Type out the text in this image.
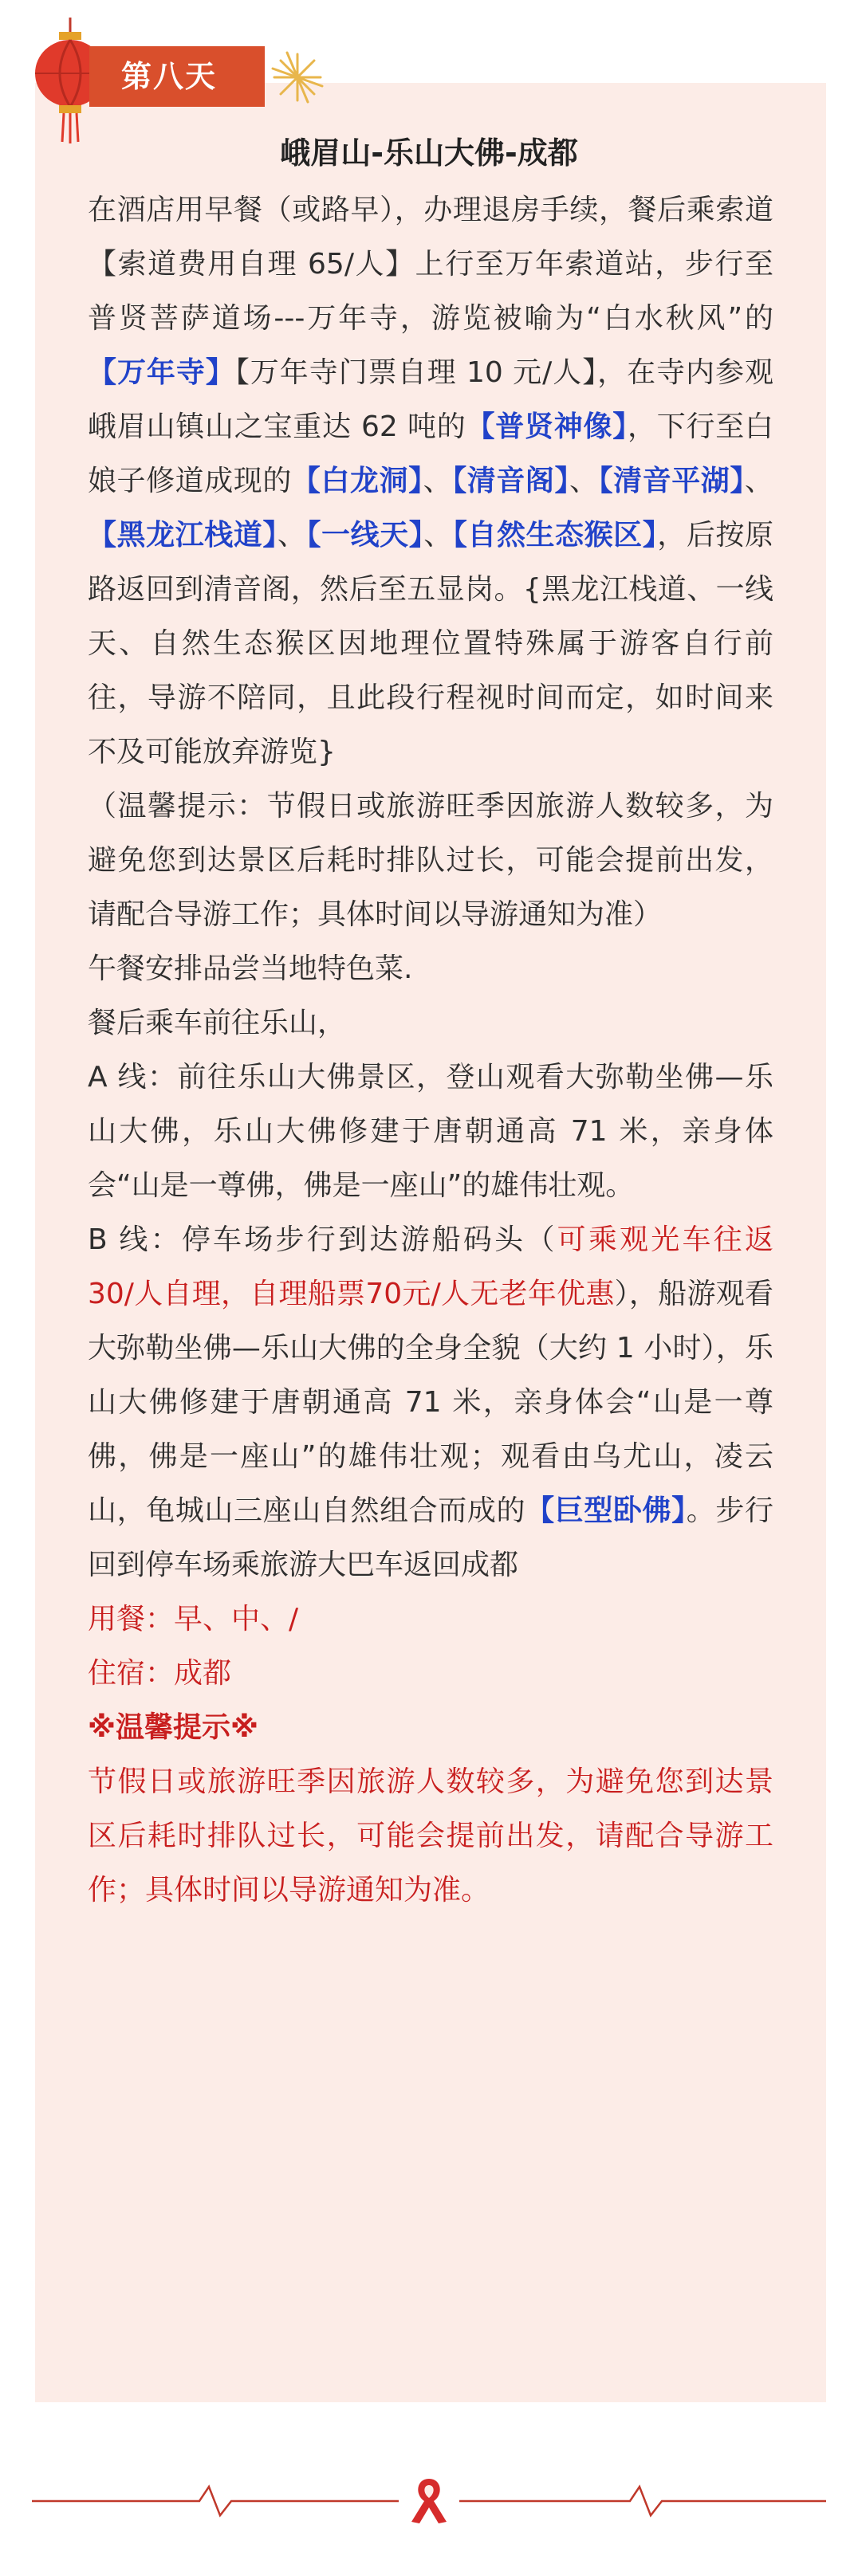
第八天
峨眉山-乐山大佛-成都

在酒店用早餐（或路早），办理退房手续，餐后乘索道【索道费用自理 65/人】上行至万年索道站，步行至普贤菩萨道场---万年寺，游览被喻为“白水秋风”的【万年寺】【万年寺门票自理 10 元/人】，在寺内参观峨眉山镇山之宝重达 62 吨的【普贤神像】，下行至白娘子修道成现的【白龙洞】、【清音阁】、【清音平湖】、【黑龙江栈道】、【一线天】、【自然生态猴区】，后按原路返回到清音阁，然后至五显岗。{黑龙江栈道、一线天、自然生态猴区因地理位置特殊属于游客自行前往，导游不陪同，且此段行程视时间而定，如时间来不及可能放弃游览}

（温馨提示：节假日或旅游旺季因旅游人数较多，为避免您到达景区后耗时排队过长，可能会提前出发，请配合导游工作；具体时间以导游通知为准）

午餐安排品尝当地特色菜.

餐后乘车前往乐山，

A 线：前往乐山大佛景区，登山观看大弥勒坐佛—乐山大佛，乐山大佛修建于唐朝通高 71 米，亲身体会“山是一尊佛，佛是一座山”的雄伟壮观。

B 线：停车场步行到达游船码头（可乘观光车往返 30/人自理，自理船票70元/人无老年优惠），船游观看大弥勒坐佛—乐山大佛的全身全貌（大约 1 小时），乐山大佛修建于唐朝通高 71 米，亲身体会“山是一尊佛，佛是一座山”的雄伟壮观；观看由乌尤山，凌云山，龟城山三座山自然组合而成的【巨型卧佛】。步行回到停车场乘旅游大巴车返回成都

用餐：早、中、/

住宿：成都

※温馨提示※

节假日或旅游旺季因旅游人数较多，为避免您到达景区后耗时排队过长，可能会提前出发，请配合导游工作；具体时间以导游通知为准。
